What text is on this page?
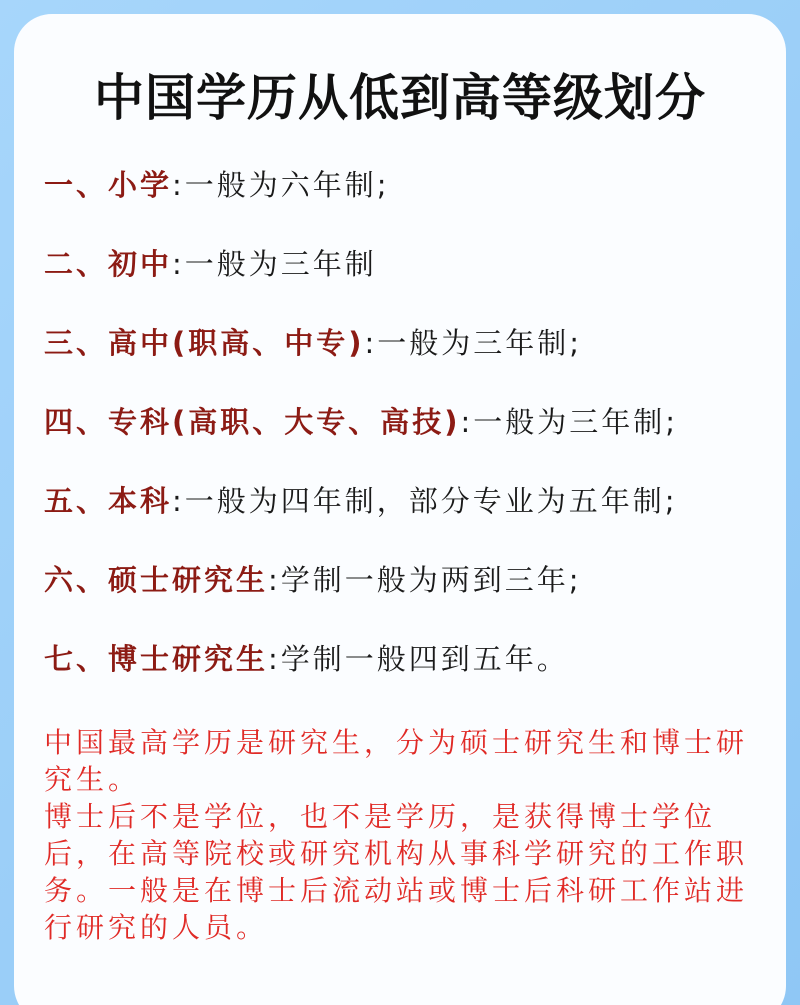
中国学历从低到高等级划分
一、小学:一般为六年制;
二、初中:一般为三年制
三、高中(职高、中专):一般为三年制;
四、专科(高职、大专、高技):一般为三年制;
五、本科:一般为四年制，部分专业为五年制;
六、硕士研究生:学制一般为两到三年;
七、博士研究生:学制一般四到五年。

中国最高学历是研究生，分为硕士研究生和博士研究生。

博士后不是学位，也不是学历，是获得博士学位后，在高等院校或研究机构从事科学研究的工作职务。一般是在博士后流动站或博士后科研工作站进行研究的人员。
